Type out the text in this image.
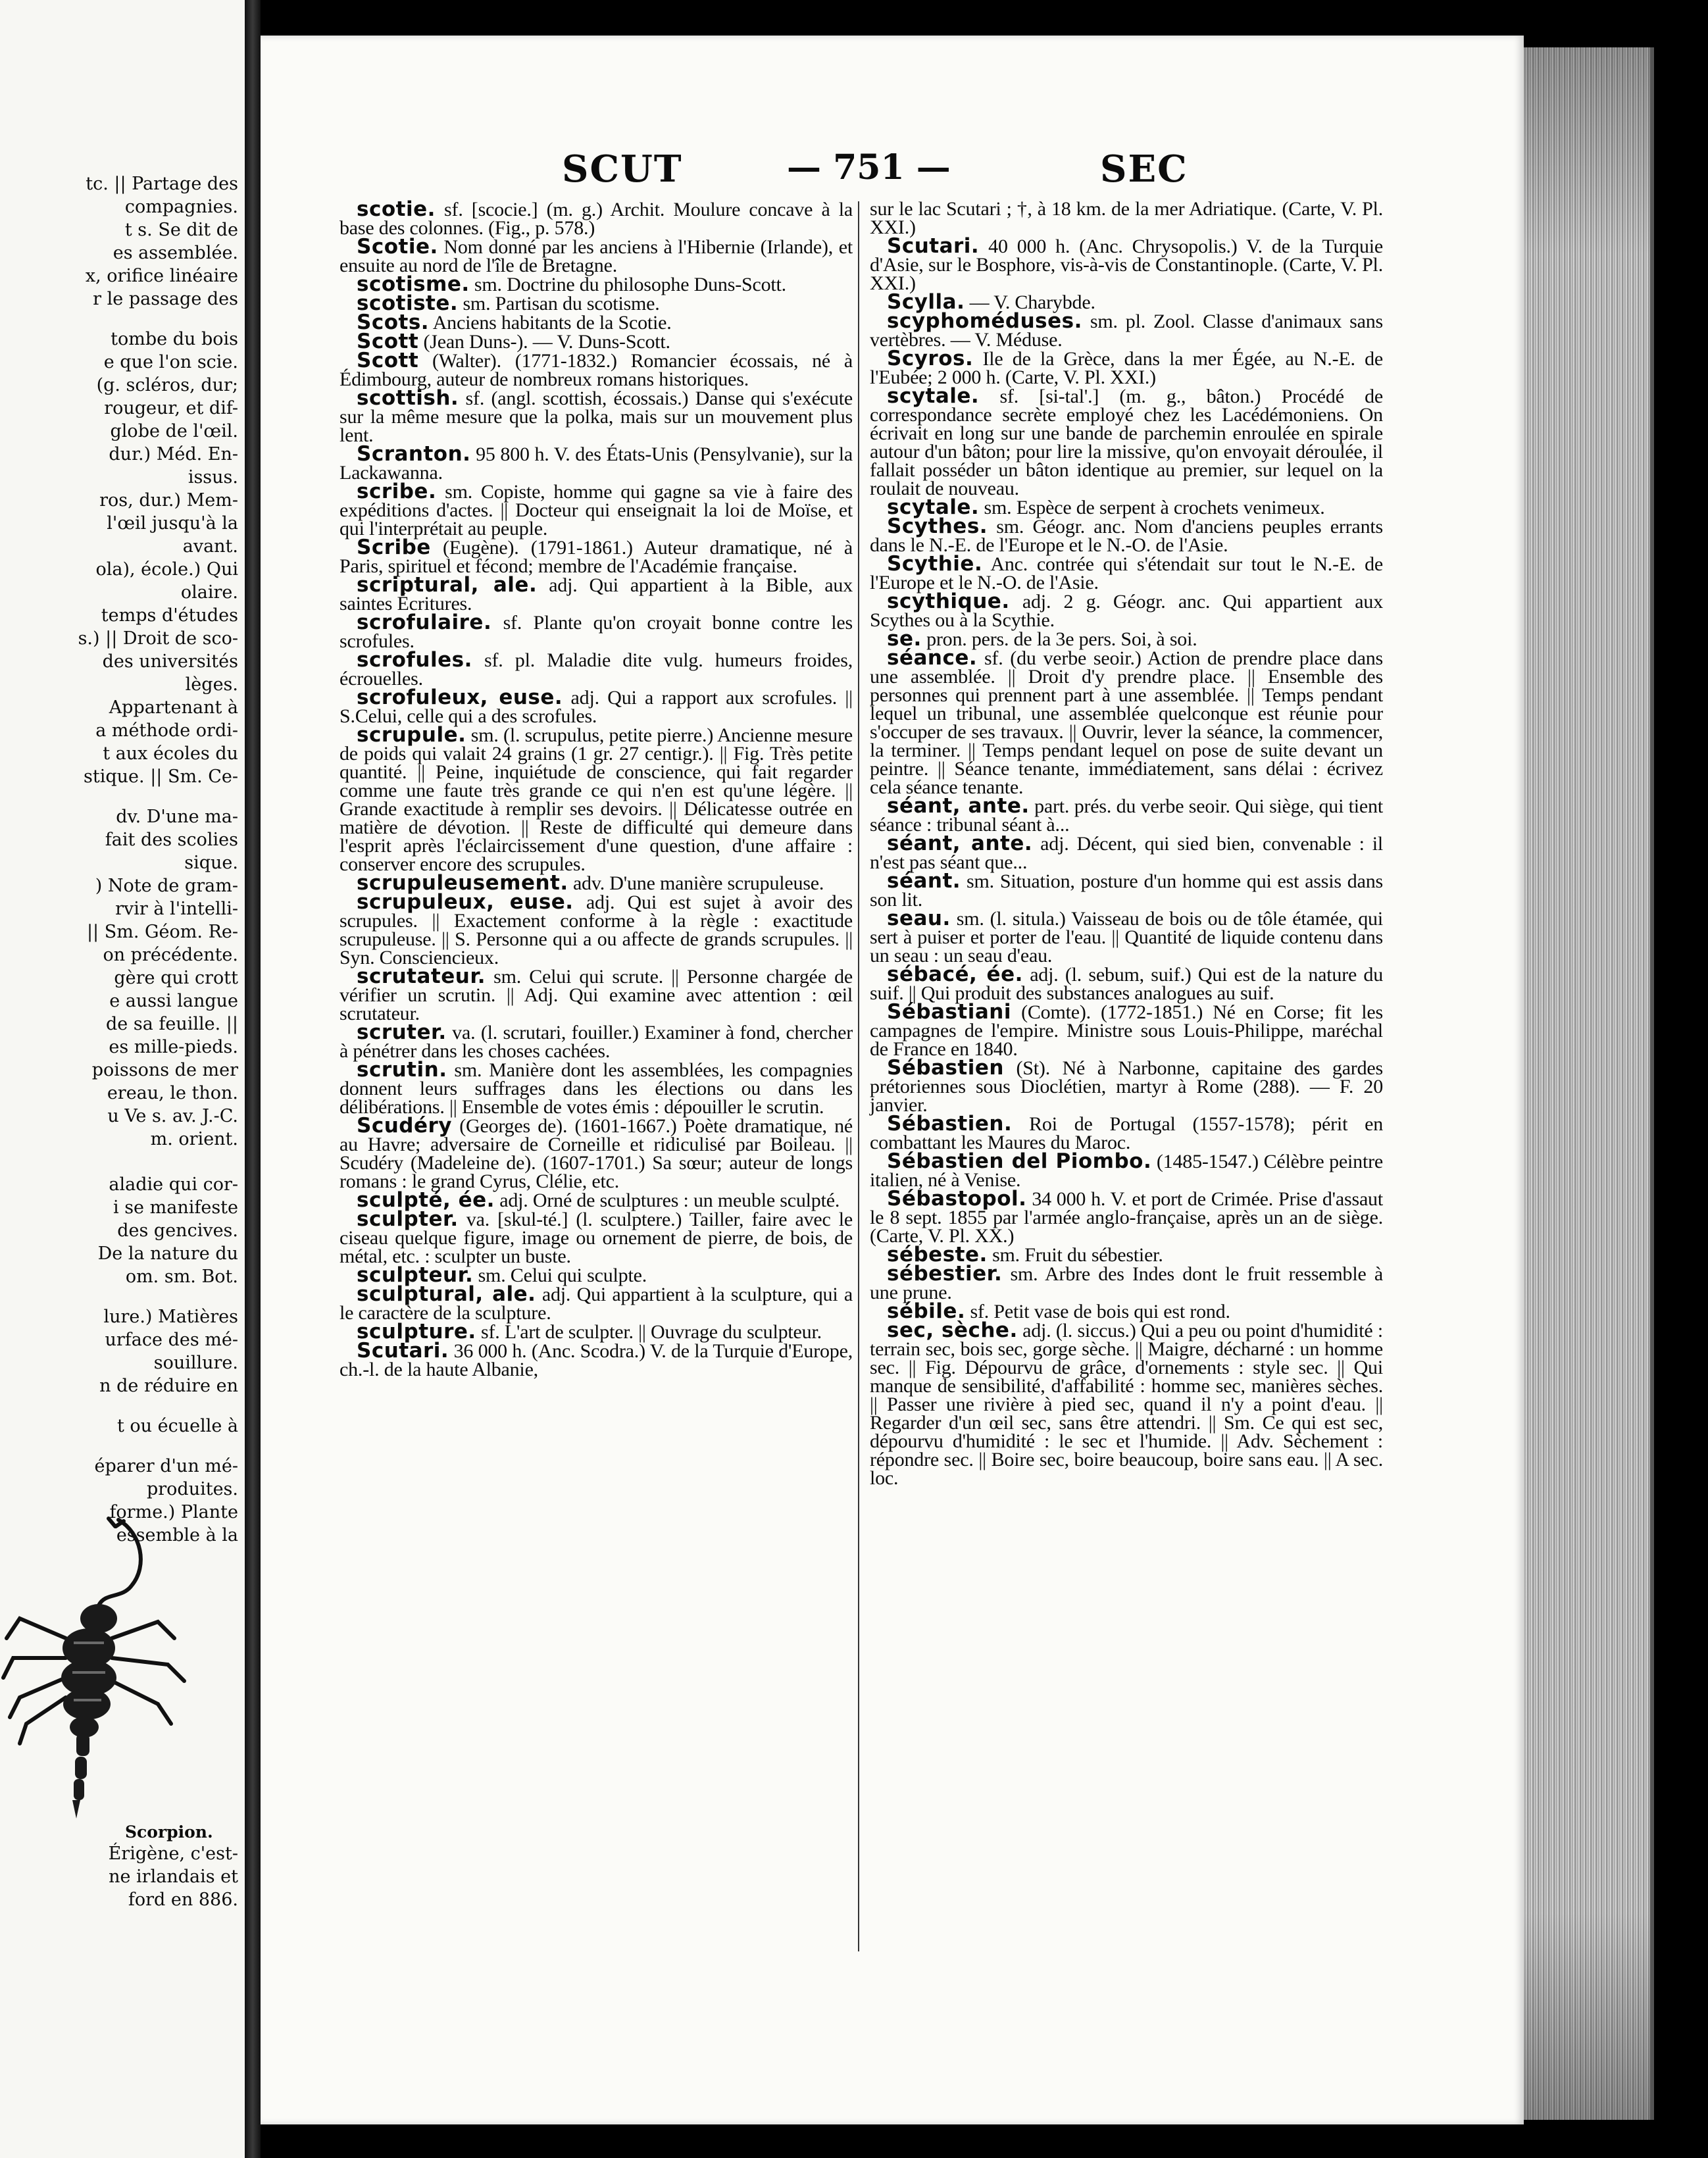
tc. || Partage des
compagnies.
t s. Se dit de
es assemblée.
x, orifice linéaire
r le passage des
tombe du bois
e que l'on scie.
(g. scléros, dur;
rougeur, et dif-
globe de l'œil.
dur.) Méd. En-
issus.
ros, dur.) Mem-
l'œil jusqu'à la
avant.
ola), école.) Qui
olaire.
temps d'études
s.) || Droit de sco-
des universités
lèges.
Appartenant à
a méthode ordi-
t aux écoles du
stique. || Sm. Ce-
dv. D'une ma-
fait des scolies
sique.
) Note de gram-
rvir à l'intelli-
|| Sm. Géom. Re-
on précédente.
gère qui crott
e aussi langue
de sa feuille. ||
es mille-pieds.
poissons de mer
ereau, le thon.
u Ve s. av. J.-C.
m. orient.
aladie qui cor-
i se manifeste
des gencives.
De la nature du
om. sm. Bot.
lure.) Matières
urface des mé-
souillure.
n de réduire en
t ou écuelle à
éparer d'un mé-
produites.
forme.) Plante
essemble à la
Scorpion.
Érigène, c'est-
ne irlandais et
ford en 886.
SCUT	— 751 —	SEC

scotie. sf. [scocie.] (m. g.) Archit. Moulure concave à la base des colonnes. (Fig., p. 578.)

Scotie. Nom donné par les anciens à l'Hibernie (Irlande), et ensuite au nord de l'île de Bretagne.

scotisme. sm. Doctrine du philosophe Duns-Scott.

scotiste. sm. Partisan du scotisme.

Scots. Anciens habitants de la Scotie.

Scott (Jean Duns-). — V. Duns-Scott.

Scott (Walter). (1771-1832.) Romancier écossais, né à Édimbourg, auteur de nombreux romans historiques.

scottish. sf. (angl. scottish, écossais.) Danse qui s'exécute sur la même mesure que la polka, mais sur un mouvement plus lent.

Scranton. 95 800 h. V. des États-Unis (Pensylvanie), sur la Lackawanna.

scribe. sm. Copiste, homme qui gagne sa vie à faire des expéditions d'actes. || Docteur qui enseignait la loi de Moïse, et qui l'interprétait au peuple.

Scribe (Eugène). (1791-1861.) Auteur dramatique, né à Paris, spirituel et fécond; membre de l'Académie française.

scriptural, ale. adj. Qui appartient à la Bible, aux saintes Écritures.

scrofulaire. sf. Plante qu'on croyait bonne contre les scrofules.

scrofules. sf. pl. Maladie dite vulg. humeurs froides, écrouelles.

scrofuleux, euse. adj. Qui a rapport aux scrofules. || S.Celui, celle qui a des scrofules.

scrupule. sm. (l. scrupulus, petite pierre.) Ancienne mesure de poids qui valait 24 grains (1 gr. 27 centigr.). || Fig. Très petite quantité. || Peine, inquiétude de conscience, qui fait regarder comme une faute très grande ce qui n'en est qu'une légère. || Grande exactitude à remplir ses devoirs. || Délicatesse outrée en matière de dévotion. || Reste de difficulté qui demeure dans l'esprit après l'éclaircissement d'une question, d'une affaire : conserver encore des scrupules.

scrupuleusement. adv. D'une manière scrupuleuse.

scrupuleux, euse. adj. Qui est sujet à avoir des scrupules. || Exactement conforme à la règle : exactitude scrupuleuse. || S. Personne qui a ou affecte de grands scrupules. || Syn. Consciencieux.

scrutateur. sm. Celui qui scrute. || Personne chargée de vérifier un scrutin. || Adj. Qui examine avec attention : œil scrutateur.

scruter. va. (l. scrutari, fouiller.) Examiner à fond, chercher à pénétrer dans les choses cachées.

scrutin. sm. Manière dont les assemblées, les compagnies donnent leurs suffrages dans les élections ou dans les délibérations. || Ensemble de votes émis : dépouiller le scrutin.

Scudéry (Georges de). (1601-1667.) Poète dramatique, né au Havre; adversaire de Corneille et ridiculisé par Boileau. || Scudéry (Madeleine de). (1607-1701.) Sa sœur; auteur de longs romans : le grand Cyrus, Clélie, etc.

sculpté, ée. adj. Orné de sculptures : un meuble sculpté.

sculpter. va. [skul-té.] (l. sculptere.) Tailler, faire avec le ciseau quelque figure, image ou ornement de pierre, de bois, de métal, etc. : sculpter un buste.

sculpteur. sm. Celui qui sculpte.

sculptural, ale. adj. Qui appartient à la sculpture, qui a le caractère de la sculpture.

sculpture. sf. L'art de sculpter. || Ouvrage du sculpteur.

Scutari. 36 000 h. (Anc. Scodra.) V. de la Turquie d'Europe, ch.-l. de la haute Albanie,

sur le lac Scutari ; †, à 18 km. de la mer Adriatique. (Carte, V. Pl. XXI.)

Scutari. 40 000 h. (Anc. Chrysopolis.) V. de la Turquie d'Asie, sur le Bosphore, vis-à-vis de Constantinople. (Carte, V. Pl. XXI.)

Scylla. — V. Charybde.

scyphoméduses. sm. pl. Zool. Classe d'animaux sans vertèbres. — V. Méduse.

Scyros. Ile de la Grèce, dans la mer Égée, au N.-E. de l'Eubée; 2 000 h. (Carte, V. Pl. XXI.)

scytale. sf. [si-tal'.] (m. g., bâton.) Procédé de correspondance secrète employé chez les Lacédémoniens. On écrivait en long sur une bande de parchemin enroulée en spirale autour d'un bâton; pour lire la missive, qu'on envoyait déroulée, il fallait posséder un bâton identique au premier, sur lequel on la roulait de nouveau.

scytale. sm. Espèce de serpent à crochets venimeux.

Scythes. sm. Géogr. anc. Nom d'anciens peuples errants dans le N.-E. de l'Europe et le N.-O. de l'Asie.

Scythie. Anc. contrée qui s'étendait sur tout le N.-E. de l'Europe et le N.-O. de l'Asie.

scythique. adj. 2 g. Géogr. anc. Qui appartient aux Scythes ou à la Scythie.

se. pron. pers. de la 3e pers. Soi, à soi.

séance. sf. (du verbe seoir.) Action de prendre place dans une assemblée. || Droit d'y prendre place. || Ensemble des personnes qui prennent part à une assemblée. || Temps pendant lequel un tribunal, une assemblée quelconque est réunie pour s'occuper de ses travaux. || Ouvrir, lever la séance, la commencer, la terminer. || Temps pendant lequel on pose de suite devant un peintre. || Séance tenante, immédiatement, sans délai : écrivez cela séance tenante.

séant, ante. part. prés. du verbe seoir. Qui siège, qui tient séance : tribunal séant à...

séant, ante. adj. Décent, qui sied bien, convenable : il n'est pas séant que...

séant. sm. Situation, posture d'un homme qui est assis dans son lit.

seau. sm. (l. situla.) Vaisseau de bois ou de tôle étamée, qui sert à puiser et porter de l'eau. || Quantité de liquide contenu dans un seau : un seau d'eau.

sébacé, ée. adj. (l. sebum, suif.) Qui est de la nature du suif. || Qui produit des substances analogues au suif.

Sébastiani (Comte). (1772-1851.) Né en Corse; fit les campagnes de l'empire. Ministre sous Louis-Philippe, maréchal de France en 1840.

Sébastien (St). Né à Narbonne, capitaine des gardes prétoriennes sous Dioclétien, martyr à Rome (288). — F. 20 janvier.

Sébastien. Roi de Portugal (1557-1578); périt en combattant les Maures du Maroc.

Sébastien del Piombo. (1485-1547.) Célèbre peintre italien, né à Venise.

Sébastopol. 34 000 h. V. et port de Crimée. Prise d'assaut le 8 sept. 1855 par l'armée anglo-française, après un an de siège. (Carte, V. Pl. XX.)

sébeste. sm. Fruit du sébestier.

sébestier. sm. Arbre des Indes dont le fruit ressemble à une prune.

sébile. sf. Petit vase de bois qui est rond.

sec, sèche. adj. (l. siccus.) Qui a peu ou point d'humidité : terrain sec, bois sec, gorge sèche. || Maigre, décharné : un homme sec. || Fig. Dépourvu de grâce, d'ornements : style sec. || Qui manque de sensibilité, d'affabilité : homme sec, manières sèches. || Passer une rivière à pied sec, quand il n'y a point d'eau. || Regarder d'un œil sec, sans être attendri. || Sm. Ce qui est sec, dépourvu d'humidité : le sec et l'humide. || Adv. Sèchement : répondre sec. || Boire sec, boire beaucoup, boire sans eau. || A sec. loc.
